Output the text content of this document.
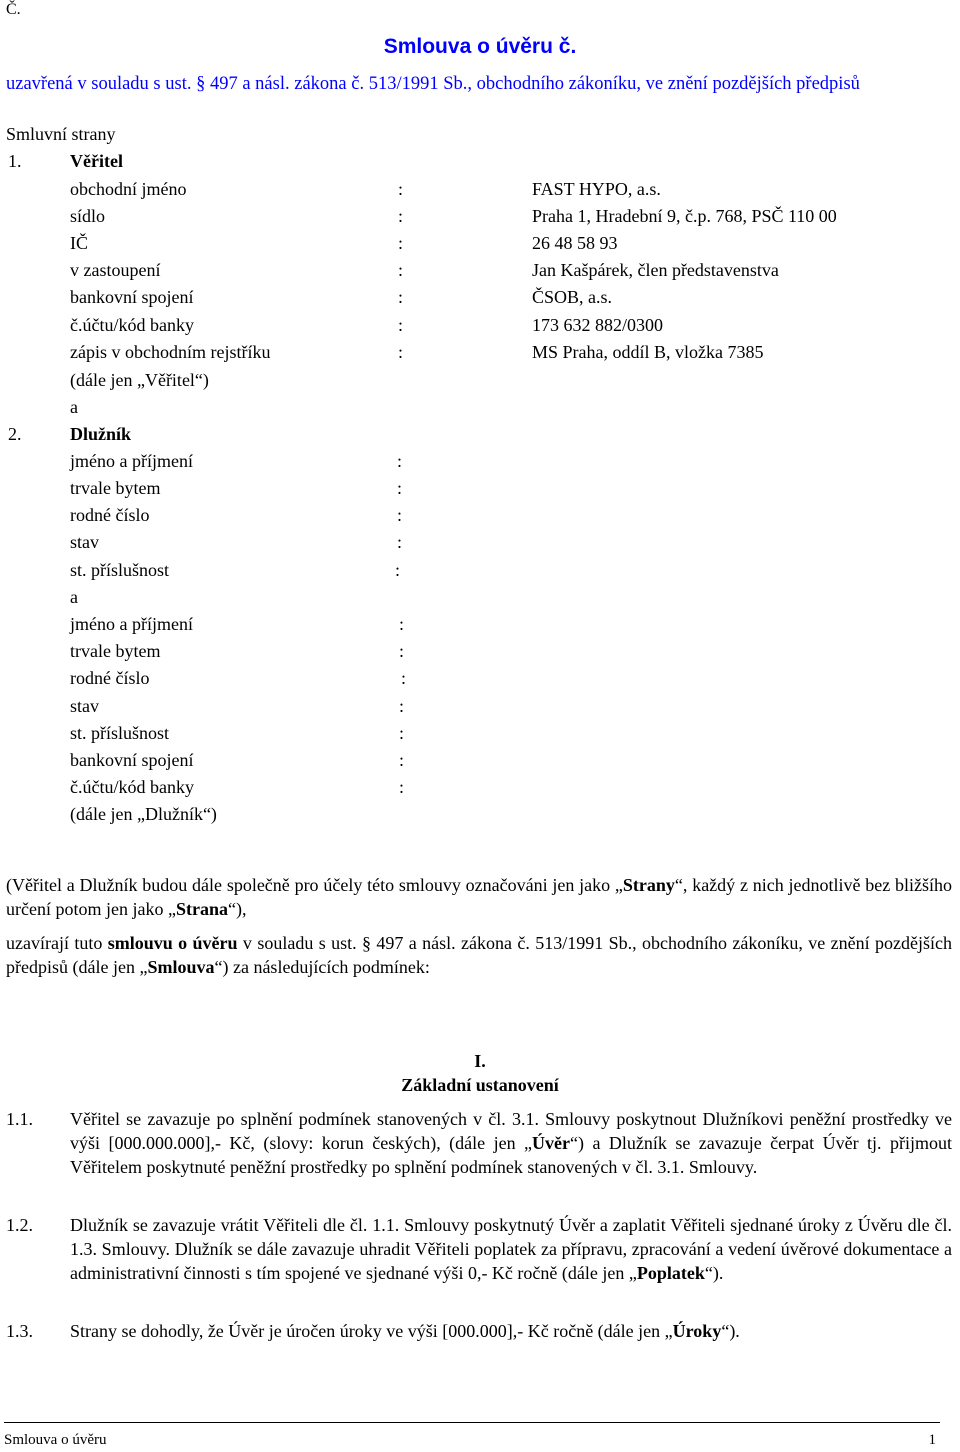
Č.
Smlouva o úvěru č.
uzavřená v souladu s ust. § 497 a násl. zákona č. 513/1991 Sb., obchodního zákoníku, ve znění pozdějších předpisů
Smluvní strany
1.	Věřitel
obchodní jméno	:	FAST HYPO, a.s.
sídlo	:	Praha 1, Hradební 9, č.p. 768, PSČ 110 00
IČ	:	26 48 58 93
v zastoupení	:	Jan Kašpárek, člen představenstva
bankovní spojení	:	ČSOB, a.s.
č.účtu/kód banky	:	173 632 882/0300
zápis v obchodním rejstříku	:	MS Praha, oddíl B, vložka 7385
(dále jen „Věřitel“)
a
2.	Dlužník
jméno a příjmení	:
trvale bytem	:
rodné číslo	:
stav	:
st. příslušnost	:
a
jméno a příjmení	:
trvale bytem	:
rodné číslo	:
stav	:
st. příslušnost	:
bankovní spojení	:
č.účtu/kód banky	:
(dále jen „Dlužník“)
(Věřitel a Dlužník budou dále společně pro účely této smlouvy označováni jen jako „Strany“, každý z nich jednotlivě bez bližšího určení potom jen jako „Strana“),
uzavírají tuto smlouvu o úvěru v souladu s ust. § 497 a násl. zákona č. 513/1991 Sb., obchodního zákoníku, ve znění pozdějších předpisů (dále jen „Smlouva“) za následujících podmínek:
I.
Základní ustanovení
1.1. Věřitel se zavazuje po splnění podmínek stanovených v čl. 3.1. Smlouvy poskytnout Dlužníkovi peněžní prostředky ve výši [000.000.000],- Kč, (slovy: korun českých), (dále jen „Úvěr“) a Dlužník se zavazuje čerpat Úvěr tj. přijmout Věřitelem poskytnuté peněžní prostředky po splnění podmínek stanovených v čl. 3.1. Smlouvy.
1.2. Dlužník se zavazuje vrátit Věřiteli dle čl. 1.1. Smlouvy poskytnutý Úvěr a zaplatit Věřiteli sjednané úroky z Úvěru dle čl. 1.3. Smlouvy. Dlužník se dále zavazuje uhradit Věřiteli poplatek za přípravu, zpracování a vedení úvěrové dokumentace a administrativní činnosti s tím spojené ve sjednané výši 0,- Kč ročně (dále jen „Poplatek“).
1.3. Strany se dohodly, že Úvěr je úročen úroky ve výši [000.000],- Kč ročně (dále jen „Úroky“).
Smlouva o úvěru	1
